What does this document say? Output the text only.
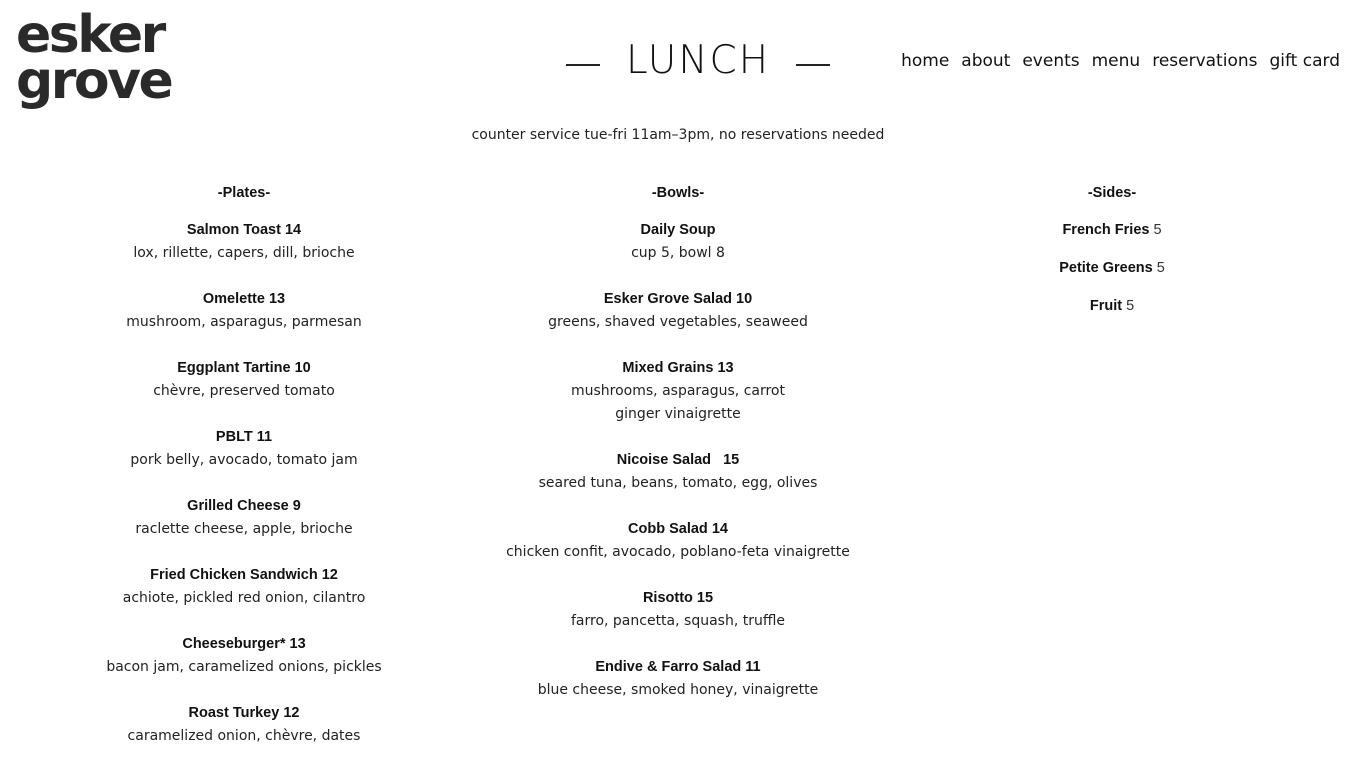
esker
grove	LUNCH	home about events menu reservations gift card
counter service tue-fri 11am–3pm, no reservations needed
-Plates-
Salmon Toast 14
lox, rillette, capers, dill, brioche
Omelette 13
mushroom, asparagus, parmesan
Eggplant Tartine 10
chèvre, preserved tomato
PBLT 11
pork belly, avocado, tomato jam
Grilled Cheese 9
raclette cheese, apple, brioche
Fried Chicken Sandwich 12
achiote, pickled red onion, cilantro
Cheeseburger* 13
bacon jam, caramelized onions, pickles
Roast Turkey 12
caramelized onion, chèvre, dates
-Bowls-
Daily Soup
cup 5, bowl 8
Esker Grove Salad 10
greens, shaved vegetables, seaweed
Mixed Grains 13
mushrooms, asparagus, carrot
ginger vinaigrette
Nicoise Salad   15
seared tuna, beans, tomato, egg, olives
Cobb Salad 14
chicken confit, avocado, poblano-feta vinaigrette
Risotto 15
farro, pancetta, squash, truffle
Endive & Farro Salad 11
blue cheese, smoked honey, vinaigrette
-Sides-
French Fries 5
Petite Greens 5
Fruit 5
